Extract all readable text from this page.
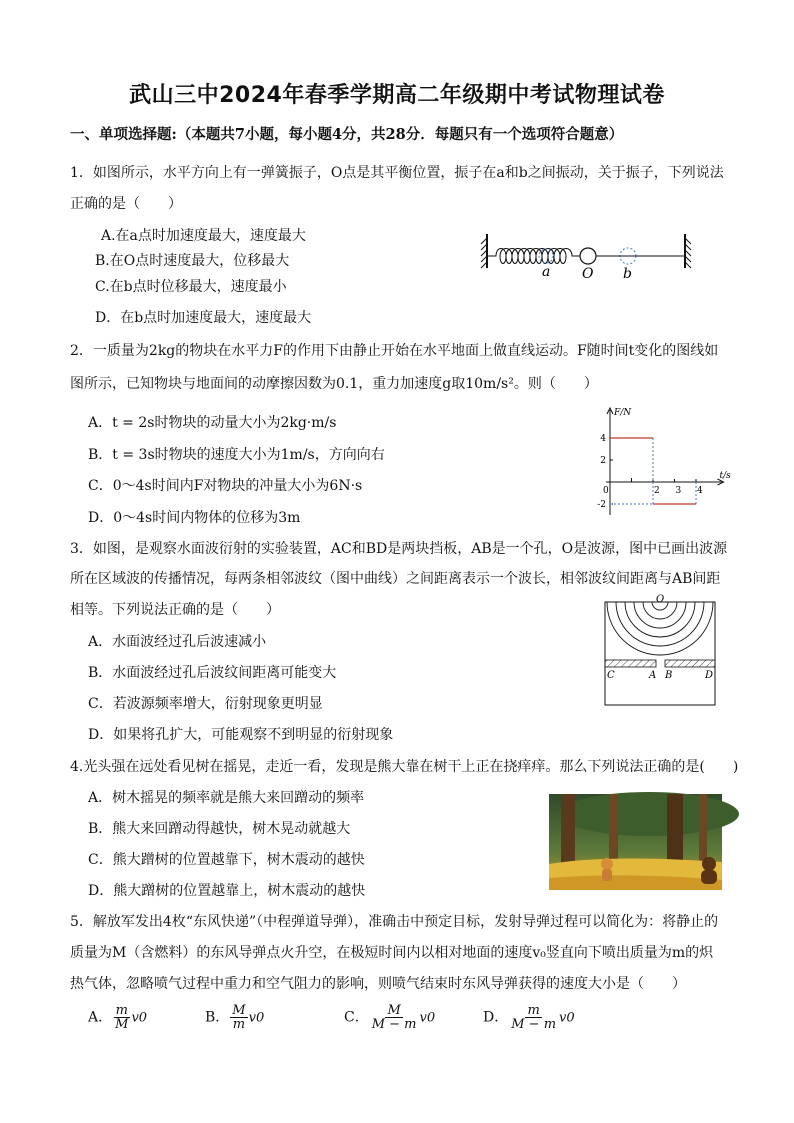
武山三中2024年春季学期高二年级期中考试物理试卷
一、单项选择题:（本题共7小题，每小题4分，共28分．每题只有一个选项符合题意）
1．如图所示，水平方向上有一弹簧振子，O点是其平衡位置，振子在a和b之间振动，关于振子，下列说法
正确的是（　　）
A.在a点时加速度最大，速度最大
B.在O点时速度最大，位移最大
C.在b点时位移最大，速度最小
D．在b点时加速度最大，速度最大
a O b
2．一质量为2kg的物块在水平力F的作用下由静止开始在水平地面上做直线运动。F随时间t变化的图线如
图所示，已知物块与地面间的动摩擦因数为0.1，重力加速度g取10m/s²。则（　　）
A．t = 2s时物块的动量大小为2kg·m/s
B．t = 3s时物块的速度大小为1m/s，方向向右
C．0～4s时间内F对物块的冲量大小为6N·s
D．0～4s时间内物体的位移为3m
F/N
t/s
4
2
-2
0	2 3 4
3．如图，是观察水面波衍射的实验装置，AC和BD是两块挡板，AB是一个孔，O是波源，图中已画出波源
所在区域波的传播情况，每两条相邻波纹（图中曲线）之间距离表示一个波长，相邻波纹间距离与AB间距
相等。下列说法正确的是（　　）
A．水面波经过孔后波速减小
B．水面波经过孔后波纹间距离可能变大
C．若波源频率增大，衍射现象更明显
D．如果将孔扩大，可能观察不到明显的衍射现象
O
C	A B	D
4.光头强在远处看见树在摇晃，走近一看，发现是熊大靠在树干上正在挠痒痒。那么下列说法正确的是(　　)
A．树木摇晃的频率就是熊大来回蹭动的频率
B．熊大来回蹭动得越快，树木晃动就越大
C．熊大蹭树的位置越靠下，树木震动的越快
D．熊大蹭树的位置越靠上，树木震动的越快
5．解放军发出4枚“东风快递”（中程弹道导弹），准确击中预定目标，发射导弹过程可以简化为：将静止的
质量为M（含燃料）的东风导弹点火升空，在极短时间内以相对地面的速度v₀竖直向下喷出质量为m的炽
热气体，忽略喷气过程中重力和空气阻力的影响，则喷气结束时东风导弹获得的速度大小是（　　）
A． $\frac{m}{M} v0$	B． $\frac{M}{m} v0$	C． $\frac{M}{M - m} v0$	D． $\frac{m}{M - m} v0$
